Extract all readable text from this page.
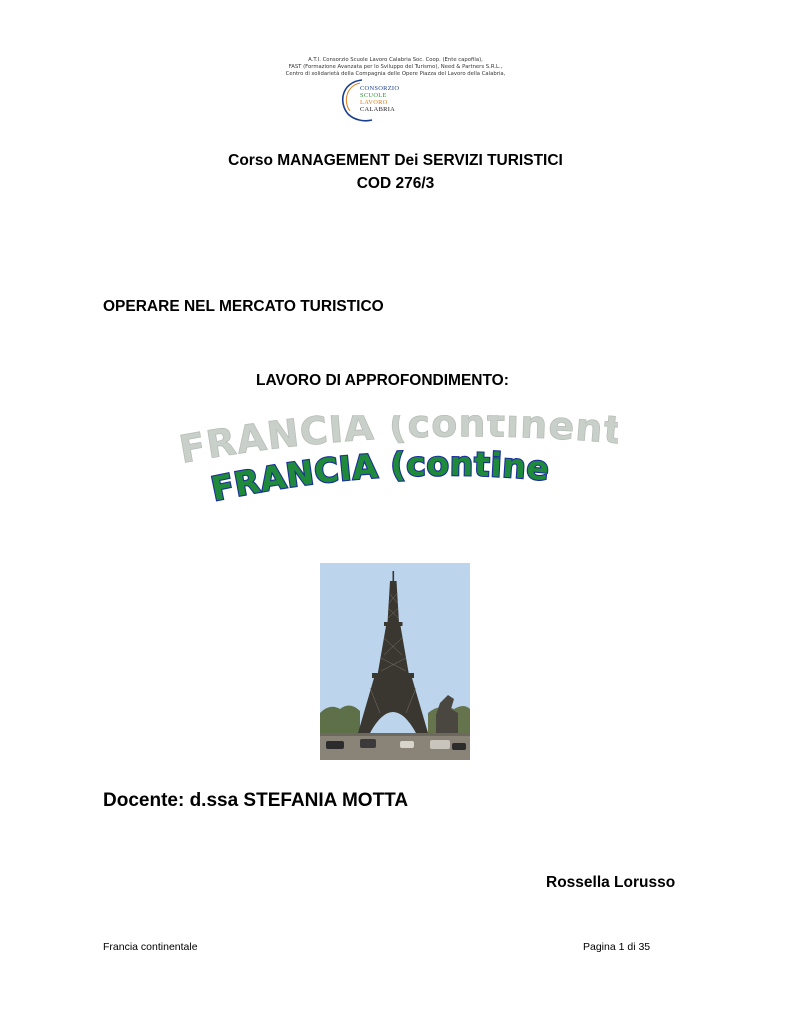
A.T.I. Consorzio Scuole Lavoro Calabria Soc. Coop. (Ente capofila),
FAST (Formazione Avanzata per lo Sviluppo del Turismo), Need & Partners S.R.L.,
Centro di solidarietà della Compagnia delle Opere Piazza del Lavoro della Calabria,
CONSORZIO
SCUOLE
LAVORO
CALABRIA
Corso MANAGEMENT Dei SERVIZI TURISTICI
COD 276/3
OPERARE NEL MERCATO TURISTICO
LAVORO DI APPROFONDIMENTO:
FRANCIA (continen
FRANCIA (contine
Docente: d.ssa STEFANIA MOTTA
Rossella Lorusso
Francia continentale	Pagina 1 di 35
